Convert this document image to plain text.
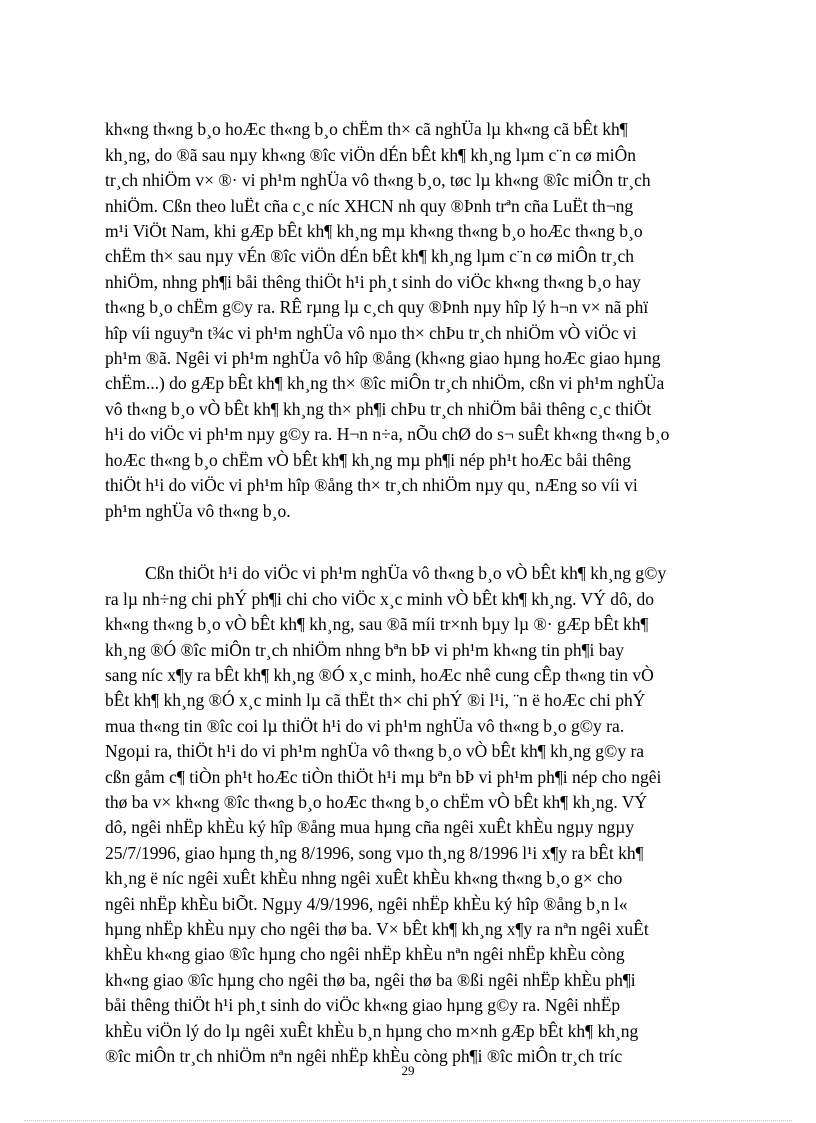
kh«ng th«ng b¸o hoÆc th«ng b¸o chËm th× cã nghÜa lµ kh«ng cã bÊt kh¶
kh¸ng, do ®ã sau nµy kh«ng ®îc viÖn dÉn bÊt kh¶ kh¸ng lµm c¨n cø miÔn
tr¸ch nhiÖm v× ®· vi ph¹m nghÜa vô th«ng b¸o, tøc lµ kh«ng ®îc miÔn tr¸ch
nhiÖm. Cßn theo luËt cña c¸c níc XHCN nh quy ®Þnh trªn cña LuËt th¬ng
m¹i ViÖt Nam, khi gÆp bÊt kh¶ kh¸ng mµ kh«ng th«ng b¸o hoÆc th«ng b¸o
chËm th× sau nµy vÉn ®îc viÖn dÉn bÊt kh¶ kh¸ng lµm c¨n cø miÔn tr¸ch
nhiÖm, nhng ph¶i båi thêng thiÖt h¹i ph¸t sinh do viÖc kh«ng th«ng b¸o hay
th«ng b¸o chËm g©y ra. RÊ rµng lµ c¸ch quy ®Þnh nµy hîp lý h¬n v× nã phï
hîp víi nguyªn t¾c vi ph¹m nghÜa vô nµo th× chÞu tr¸ch nhiÖm vÒ viÖc vi
ph¹m ®ã. Ngêi vi ph¹m nghÜa vô hîp ®ång (kh«ng giao hµng hoÆc giao hµng
chËm...) do gÆp bÊt kh¶ kh¸ng th× ®îc miÔn tr¸ch nhiÖm, cßn vi ph¹m nghÜa
vô th«ng b¸o vÒ bÊt kh¶ kh¸ng th× ph¶i chÞu tr¸ch nhiÖm båi thêng c¸c thiÖt
h¹i do viÖc vi ph¹m nµy g©y ra. H¬n n÷a, nÕu chØ do s¬ suÊt kh«ng th«ng b¸o
hoÆc th«ng b¸o chËm vÒ bÊt kh¶ kh¸ng mµ ph¶i nép ph¹t hoÆc båi thêng
thiÖt h¹i do viÖc vi ph¹m hîp ®ång th× tr¸ch nhiÖm nµy qu¸ nÆng so víi vi
ph¹m nghÜa vô th«ng b¸o.

Cßn thiÖt h¹i do viÖc vi ph¹m nghÜa vô th«ng b¸o vÒ bÊt kh¶ kh¸ng g©y
ra lµ nh÷ng chi phÝ ph¶i chi cho viÖc x¸c minh vÒ bÊt kh¶ kh¸ng. VÝ dô, do
kh«ng th«ng b¸o vÒ bÊt kh¶ kh¸ng, sau ®ã míi tr×nh bµy lµ ®· gÆp bÊt kh¶
kh¸ng ®Ó ®îc miÔn tr¸ch nhiÖm nhng bªn bÞ vi ph¹m kh«ng tin ph¶i bay
sang níc x¶y ra bÊt kh¶ kh¸ng ®Ó x¸c minh, hoÆc nhê cung cÊp th«ng tin vÒ
bÊt kh¶ kh¸ng ®Ó x¸c minh lµ cã thËt th× chi phÝ ®i l¹i, ¨n ë hoÆc chi phÝ
mua th«ng tin ®îc coi lµ thiÖt h¹i do vi ph¹m nghÜa vô th«ng b¸o g©y ra.
Ngoµi ra, thiÖt h¹i do vi ph¹m nghÜa vô th«ng b¸o vÒ bÊt kh¶ kh¸ng g©y ra
cßn gåm c¶ tiÒn ph¹t hoÆc tiÒn thiÖt h¹i mµ bªn bÞ vi ph¹m ph¶i nép cho ngêi
thø ba v× kh«ng ®îc th«ng b¸o hoÆc th«ng b¸o chËm vÒ bÊt kh¶ kh¸ng. VÝ
dô, ngêi nhËp khÈu ký hîp ®ång mua hµng cña ngêi xuÊt khÈu ngµy ngµy
25/7/1996, giao hµng th¸ng 8/1996, song vµo th¸ng 8/1996 l¹i x¶y ra bÊt kh¶
kh¸ng ë níc ngêi xuÊt khÈu nhng ngêi xuÊt khÈu kh«ng th«ng b¸o g× cho
ngêi nhËp khÈu biÕt. Ngµy 4/9/1996, ngêi nhËp khÈu ký hîp ®ång b¸n l«
hµng nhËp khÈu nµy cho ngêi thø ba. V× bÊt kh¶ kh¸ng x¶y ra nªn ngêi xuÊt
khÈu kh«ng giao ®îc hµng cho ngêi nhËp khÈu nªn ngêi nhËp khÈu còng
kh«ng giao ®îc hµng cho ngêi thø ba, ngêi thø ba ®ßi ngêi nhËp khÈu ph¶i
båi thêng thiÖt h¹i ph¸t sinh do viÖc kh«ng giao hµng g©y ra. Ngêi nhËp
khÈu viÖn lý do lµ ngêi xuÊt khÈu b¸n hµng cho m×nh gÆp bÊt kh¶ kh¸ng
®îc miÔn tr¸ch nhiÖm nªn ngêi nhËp khÈu còng ph¶i ®îc miÔn tr¸ch tríc

29
